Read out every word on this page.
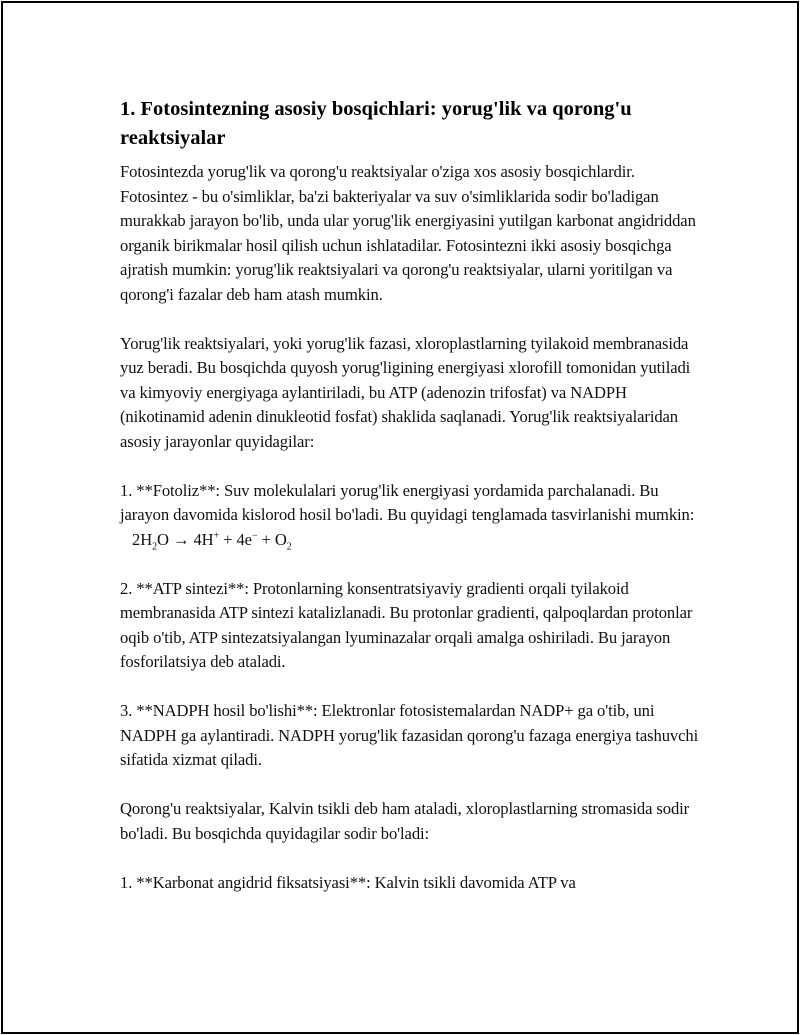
1. Fotosintezning asosiy bosqichlari: yorug'lik va qorong'u reaktsiyalar

Fotosintezda yorug'lik va qorong'u reaktsiyalar o'ziga xos asosiy bosqichlardir. Fotosintez - bu o'simliklar, ba'zi bakteriyalar va suv o'simliklarida sodir bo'ladigan murakkab jarayon bo'lib, unda ular yorug'lik energiyasini yutilgan karbonat angidriddan organik birikmalar hosil qilish uchun ishlatadilar. Fotosintezni ikki asosiy bosqichga ajratish mumkin: yorug'lik reaktsiyalari va qorong'u reaktsiyalar, ularni yoritilgan va qorong'i fazalar deb ham atash mumkin.

Yorug'lik reaktsiyalari, yoki yorug'lik fazasi, xloroplastlarning tyilakoid membranasida yuz beradi. Bu bosqichda quyosh yorug'ligining energiyasi xlorofill tomonidan yutiladi va kimyoviy energiyaga aylantiriladi, bu ATP (adenozin trifosfat) va NADPH (nikotinamid adenin dinukleotid fosfat) shaklida saqlanadi. Yorug'lik reaktsiyalaridan asosiy jarayonlar quyidagilar:

1. **Fotoliz**: Suv molekulalari yorug'lik energiyasi yordamida parchalanadi. Bu jarayon davomida kislorod hosil bo'ladi. Bu quyidagi tenglamada tasvirlanishi mumkin:
$2H_2O \to 4H^+ + 4e^- + O_2$

2. **ATP sintezi**: Protonlarning konsentratsiyaviy gradienti orqali tyilakoid membranasida ATP sintezi katalizlanadi. Bu protonlar gradienti, qalpoqlardan protonlar oqib o'tib, ATP sintezatsiyalangan lyuminazalar orqali amalga oshiriladi. Bu jarayon fosforilatsiya deb ataladi.

3. **NADPH hosil bo'lishi**: Elektronlar fotosistemalardan NADP+ ga o'tib, uni NADPH ga aylantiradi. NADPH yorug'lik fazasidan qorong'u fazaga energiya tashuvchi sifatida xizmat qiladi.

Qorong'u reaktsiyalar, Kalvin tsikli deb ham ataladi, xloroplastlarning stromasida sodir bo'ladi. Bu bosqichda quyidagilar sodir bo'ladi:

1. **Karbonat angidrid fiksatsiyasi**: Kalvin tsikli davomida ATP va
